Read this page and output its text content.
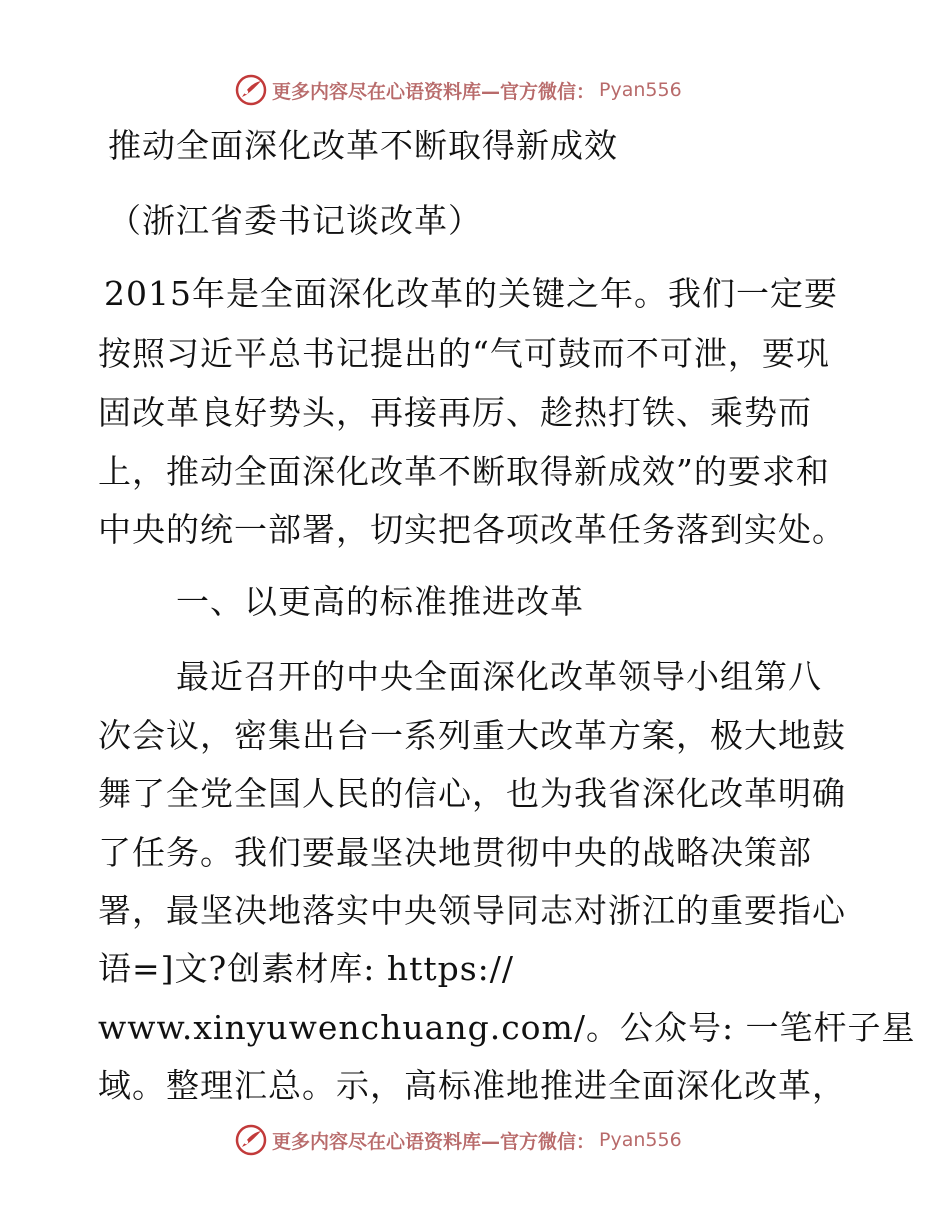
更多内容尽在心语资料库—官方微信： Pyan556
推动全面深化改革不断取得新成效
（浙江省委书记谈改革）
2015年是全面深化改革的关键之年。我们一定要
按照习近平总书记提出的“气可鼓而不可泄，要巩
固改革良好势头，再接再厉、趁热打铁、乘势而
上，推动全面深化改革不断取得新成效”的要求和
中央的统一部署，切实把各项改革任务落到实处。
一、以更高的标准推进改革
最近召开的中央全面深化改革领导小组第八
次会议，密集出台一系列重大改革方案，极大地鼓
舞了全党全国人民的信心，也为我省深化改革明确
了任务。我们要最坚决地贯彻中央的战略决策部
署，最坚决地落实中央领导同志对浙江的重要指心
语=]文?创素材库: https://
www.xinyuwenchuang.com/。公众号: 一笔杆子星
域。整理汇总。示，高标准地推进全面深化改革，
更多内容尽在心语资料库—官方微信： Pyan556
